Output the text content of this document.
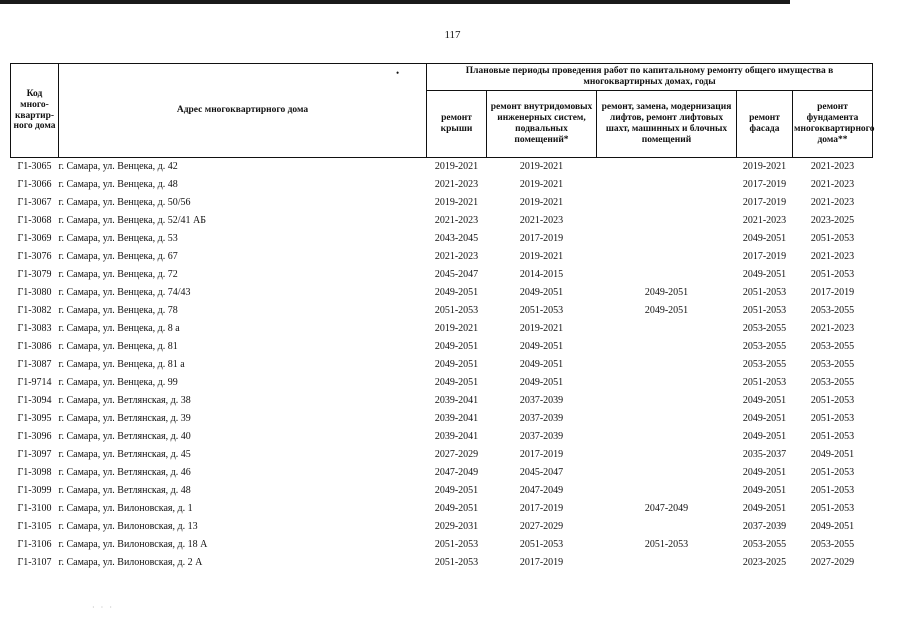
117
•
Код много-квартир-ного дома	Адрес многоквартирного дома	Плановые периоды проведения работ по капитальному ремонту общего имущества в многоквартирных домах, годы				
		ремонт крыши	ремонт внутридомовых инженерных систем, подвальных помещений*	ремонт, замена, модернизация лифтов, ремонт лифтовых шахт, машинных и блочных помещений	ремонт фасада	ремонт фундамента многоквартирного дома**
Г1-3065	г. Самара, ул. Венцека, д. 42	2019-2021	2019-2021		2019-2021	2021-2023
Г1-3066	г. Самара, ул. Венцека, д. 48	2021-2023	2019-2021		2017-2019	2021-2023
Г1-3067	г. Самара, ул. Венцека, д. 50/56	2019-2021	2019-2021		2017-2019	2021-2023
Г1-3068	г. Самара, ул. Венцека, д. 52/41 АБ	2021-2023	2021-2023		2021-2023	2023-2025
Г1-3069	г. Самара, ул. Венцека, д. 53	2043-2045	2017-2019		2049-2051	2051-2053
Г1-3076	г. Самара, ул. Венцека, д. 67	2021-2023	2019-2021		2017-2019	2021-2023
Г1-3079	г. Самара, ул. Венцека, д. 72	2045-2047	2014-2015		2049-2051	2051-2053
Г1-3080	г. Самара, ул. Венцека, д. 74/43	2049-2051	2049-2051	2049-2051	2051-2053	2017-2019
Г1-3082	г. Самара, ул. Венцека, д. 78	2051-2053	2051-2053	2049-2051	2051-2053	2053-2055
Г1-3083	г. Самара, ул. Венцека, д. 8 а	2019-2021	2019-2021		2053-2055	2021-2023
Г1-3086	г. Самара, ул. Венцека, д. 81	2049-2051	2049-2051		2053-2055	2053-2055
Г1-3087	г. Самара, ул. Венцека, д. 81 а	2049-2051	2049-2051		2053-2055	2053-2055
Г1-9714	г. Самара, ул. Венцека, д. 99	2049-2051	2049-2051		2051-2053	2053-2055
Г1-3094	г. Самара, ул. Ветлянская, д. 38	2039-2041	2037-2039		2049-2051	2051-2053
Г1-3095	г. Самара, ул. Ветлянская, д. 39	2039-2041	2037-2039		2049-2051	2051-2053
Г1-3096	г. Самара, ул. Ветлянская, д. 40	2039-2041	2037-2039		2049-2051	2051-2053
Г1-3097	г. Самара, ул. Ветлянская, д. 45	2027-2029	2017-2019		2035-2037	2049-2051
Г1-3098	г. Самара, ул. Ветлянская, д. 46	2047-2049	2045-2047		2049-2051	2051-2053
Г1-3099	г. Самара, ул. Ветлянская, д. 48	2049-2051	2047-2049		2049-2051	2051-2053
Г1-3100	г. Самара, ул. Вилоновская, д. 1	2049-2051	2017-2019	2047-2049	2049-2051	2051-2053
Г1-3105	г. Самара, ул. Вилоновская, д. 13	2029-2031	2027-2029		2037-2039	2049-2051
Г1-3106	г. Самара, ул. Вилоновская, д. 18 А	2051-2053	2051-2053	2051-2053	2053-2055	2053-2055
Г1-3107	г. Самара, ул. Вилоновская, д. 2 А	2051-2053	2017-2019		2023-2025	2027-2029
· · ·
